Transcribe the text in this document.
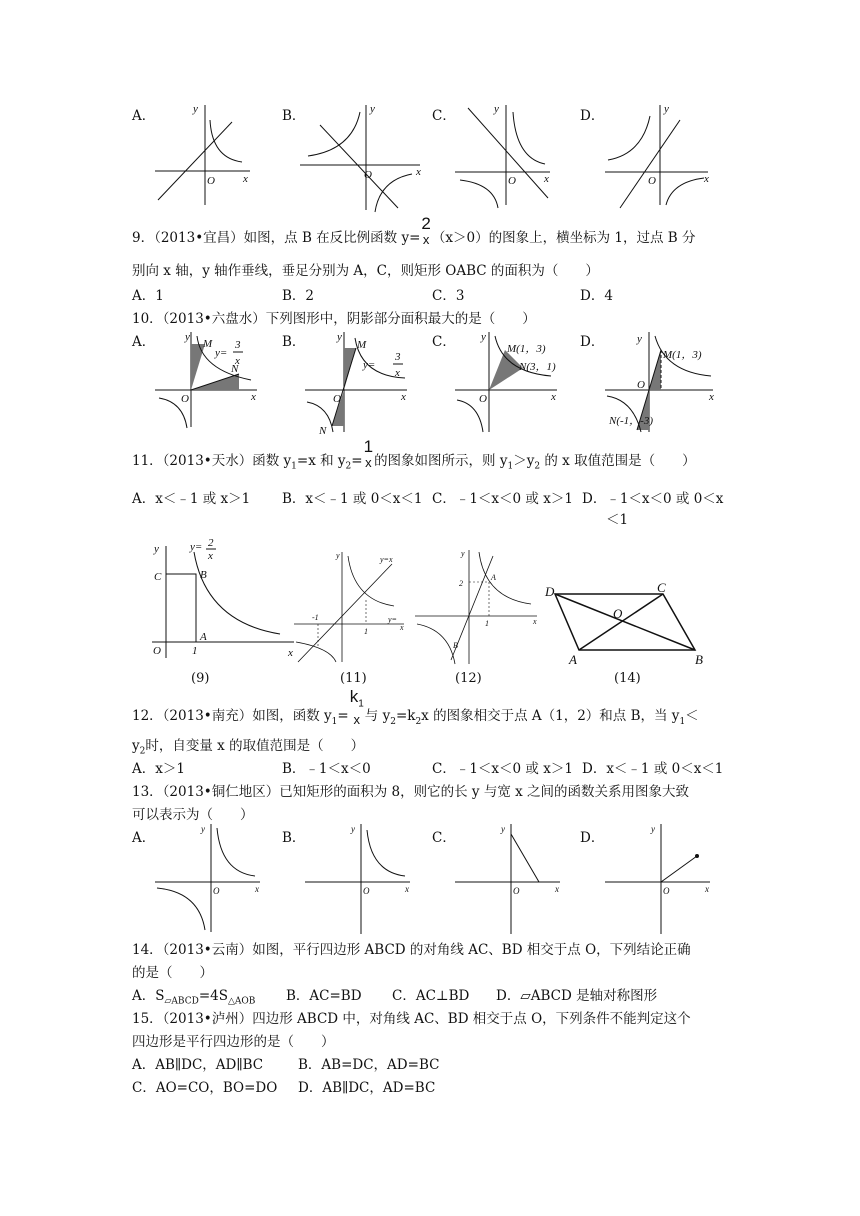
A．	B．	C．	D．
x
y
O
x
y
O	x
y
O	x
y
O
9．（2013•宜昌）如图，点 B 在反比例函数 y=
2
x （x＞0）的图象上，横坐标为 1，过点 B 分
别向 x 轴，y 轴作垂线，垂足分别为 A，C，则矩形 OABC 的面积为（　　）
A．1	B．2	C．3	D．4
10．（2013•六盘水）下列图形中，阴影部分面积最大的是（　　）
A．	B．	C．	D．
y
M
N
O	x
y=
3
x
y
M
N
O	x
y=
3
x
y
M(1，3)
N(3，1)
O	x
y
M(1，3)
N(-1，-3)
O
x
11．（2013•天水）函数 $y_1=x$ 和 $y_2=$
1
x 的图象如图所示，则 $y_1>y_2$ 的 x 取值范围是（　　）
A．x＜﹣1 或 x＞1 B．x＜﹣1 或 0＜x＜1 C．﹣1＜x＜0 或 x＞1 D．﹣1＜x＜0 或 0＜x
＜1
y
x
O
C	B
A
1
y= 2
x
(9)
y
x
1
-1
y=x
y=
(11)
y
x
2
1
A
B
(12)
D	C
O
A	B
(14)
12．（2013•南充）如图，函数 $y_1=$
$k_1$
x 与 $y_2=k_2x$ 的图象相交于点 A（1，2）和点 B，当 $y_1<$
$y_2$时，自变量 x 的取值范围是（　　）
A．x＞1	B．﹣1＜x＜0	C．﹣1＜x＜0 或 x＞1 D．x＜﹣1 或 0＜x＜1
13．（2013•铜仁地区）已知矩形的面积为 8，则它的长 y 与宽 x 之间的函数关系用图象大致
可以表示为（　　）
A．	B．	C．	D．
y
x
O
y
x
O
y
x
O
y
x
O
14．（2013•云南）如图，平行四边形 ABCD 的对角线 AC、BD 相交于点 O，下列结论正确
的是（　　）
A．$S_{▱ABCD}=4S_{\triangle AOB}$ B．AC=BD C．AC⊥BD D．▱ABCD 是轴对称图形
15．（2013•泸州）四边形 ABCD 中，对角线 AC、BD 相交于点 O，下列条件不能判定这个
四边形是平行四边形的是（　　）
A．AB∥DC，AD∥BC	B．AB=DC，AD=BC
C．AO=CO，BO=DO D．AB∥DC，AD=BC
